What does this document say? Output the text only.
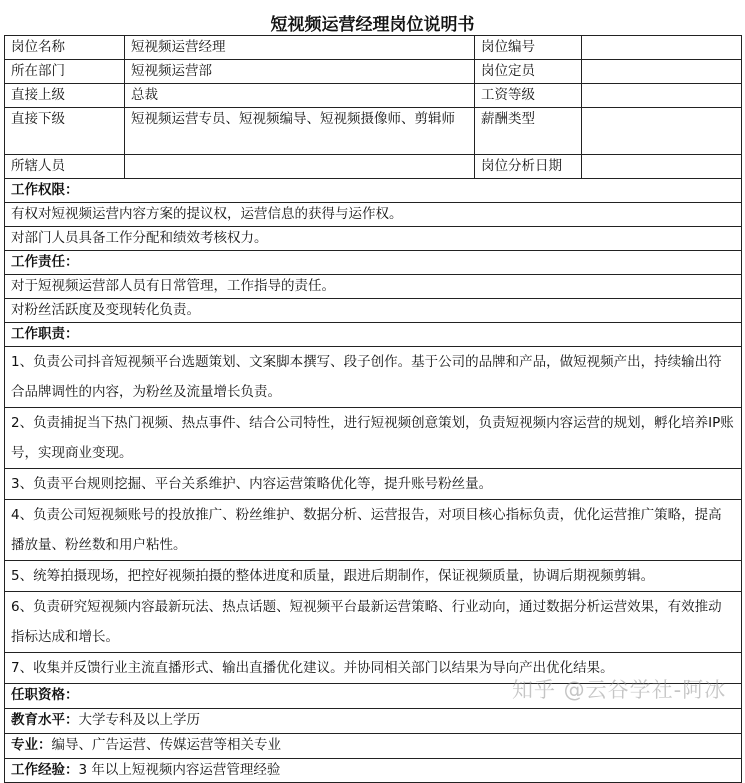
短视频运营经理岗位说明书
岗位名称	短视频运营经理	岗位编号	
所在部门	短视频运营部	岗位定员	
直接上级	总裁	工资等级	
直接下级	短视频运营专员、短视频编导、短视频摄像师、剪辑师	薪酬类型	
所辖人员		岗位分析日期	
工作权限：			
有权对短视频运营内容方案的提议权，运营信息的获得与运作权。			
对部门人员具备工作分配和绩效考核权力。			
工作责任：			
对于短视频运营部人员有日常管理，工作指导的责任。			
对粉丝活跃度及变现转化负责。			
工作职责：			
1、负责公司抖音短视频平台选题策划、文案脚本撰写、段子创作。基于公司的品牌和产品，做短视频产出，持续输出符合品牌调性的内容，为粉丝及流量增长负责。			
2、负责捕捉当下热门视频、热点事件、结合公司特性，进行短视频创意策划，负责短视频内容运营的规划，孵化培养IP账号，实现商业变现。			
3、负责平台规则挖掘、平台关系维护、内容运营策略优化等，提升账号粉丝量。			
4、负责公司短视频账号的投放推广、粉丝维护、数据分析、运营报告，对项目核心指标负责，优化运营推广策略，提高播放量、粉丝数和用户粘性。			
5、统筹拍摄现场，把控好视频拍摄的整体进度和质量，跟进后期制作，保证视频质量，协调后期视频剪辑。			
6、负责研究短视频内容最新玩法、热点话题、短视频平台最新运营策略、行业动向，通过数据分析运营效果，有效推动指标达成和增长。			
7、收集并反馈行业主流直播形式、输出直播优化建议。并协同相关部门以结果为导向产出优化结果。			
任职资格：			
教育水平：大学专科及以上学历			
专业：编导、广告运营、传媒运营等相关专业			
工作经验：3 年以上短视频内容运营管理经验			
知乎 @云谷学社-阿冰
